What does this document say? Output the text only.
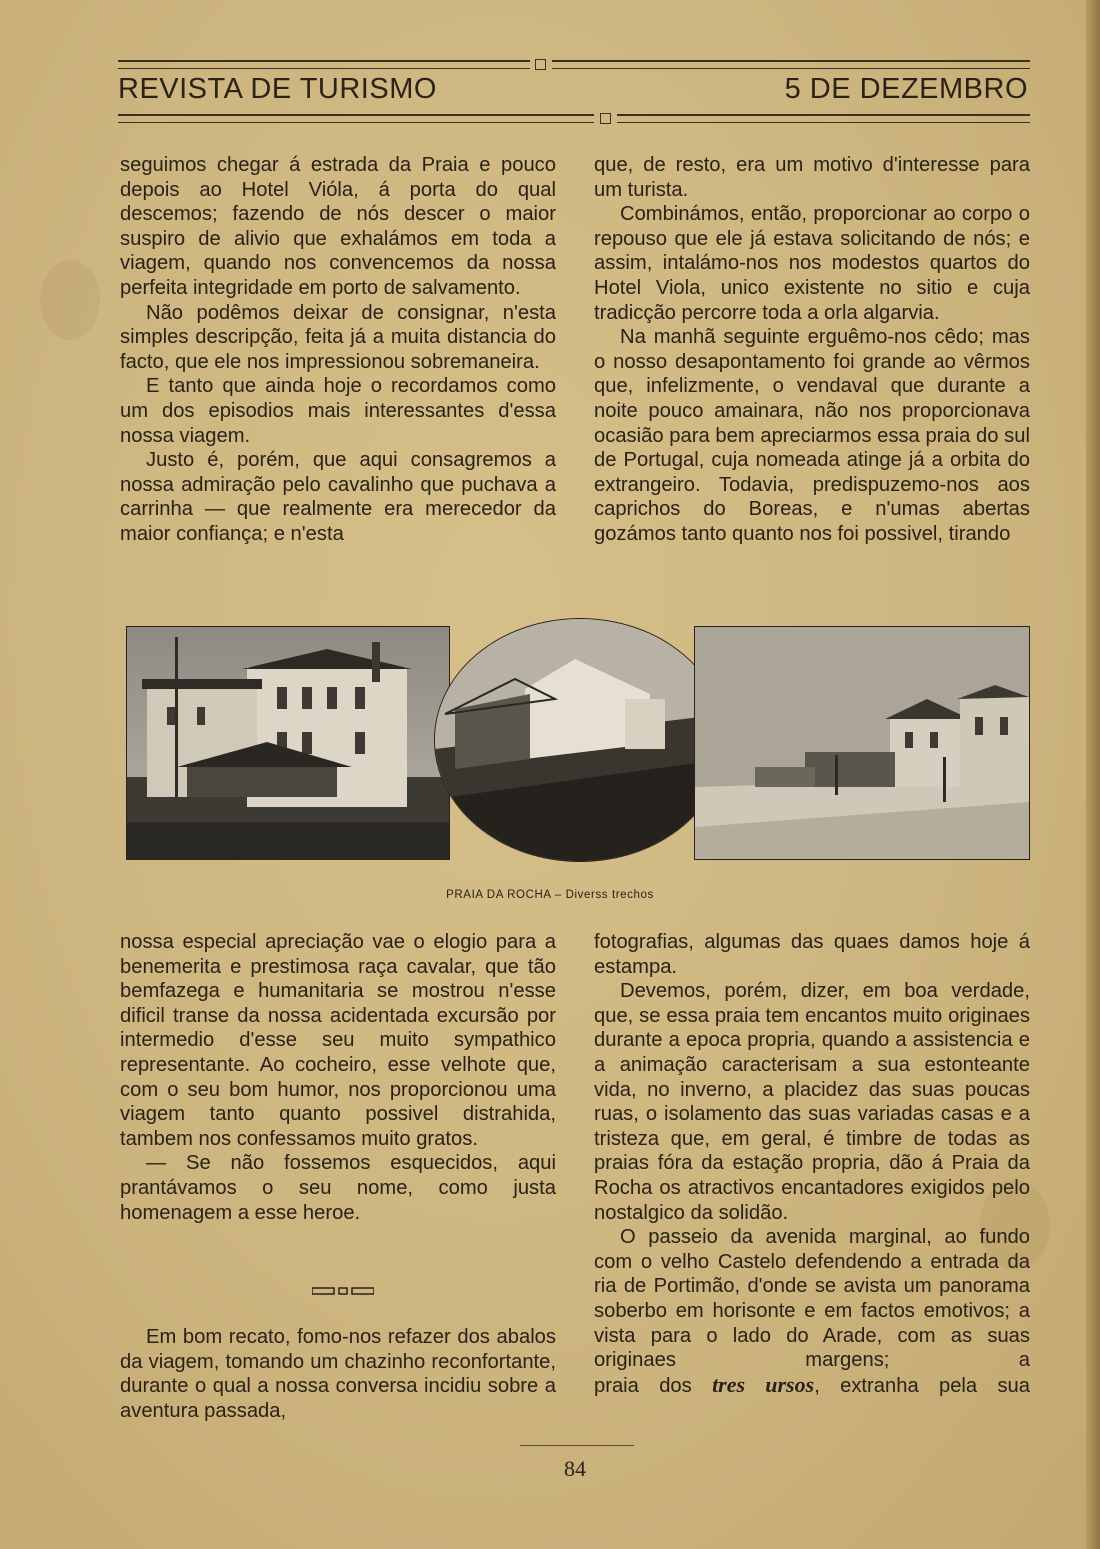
REVISTA DE TURISMO	5 DE DEZEMBRO

seguimos chegar á estrada da Praia e pouco depois ao Hotel Vióla, á porta do qual descemos; fazendo de nós descer o maior suspiro de alivio que exhalámos em toda a viagem, quando nos convencemos da nossa perfeita integridade em porto de salvamento.

Não podêmos deixar de consignar, n'esta simples descripção, feita já a muita distancia do facto, que ele nos impressionou sobremaneira.

E tanto que ainda hoje o recordamos como um dos episodios mais interessantes d'essa nossa viagem.

Justo é, porém, que aqui consagremos a nossa admiração pelo cavalinho que puchava a carrinha — que realmente era merecedor da maior confiança; e n'esta

que, de resto, era um motivo d'interesse para um turista.

Combinámos, então, proporcionar ao corpo o repouso que ele já estava solicitando de nós; e assim, intalámo-nos nos modestos quartos do Hotel Viola, unico existente no sitio e cuja tradicção percorre toda a orla algarvia.

Na manhã seguinte erguêmo-nos cêdo; mas o nosso desapontamento foi grande ao vêrmos que, infelizmente, o vendaval que durante a noite pouco amainara, não nos proporcionava ocasião para bem apreciarmos essa praia do sul de Portugal, cuja nomeada atinge já a orbita do extrangeiro. Todavia, predispuzemo-nos aos caprichos do Boreas, e n'umas abertas gozámos tanto quanto nos foi possivel, tirando

PRAIA DA ROCHA – Diverss trechos

nossa especial apreciação vae o elogio para a benemerita e prestimosa raça cavalar, que tão bemfazega e humanitaria se mostrou n'esse dificil transe da nossa acidentada excursão por intermedio d'esse seu muito sympathico representante. Ao cocheiro, esse velhote que, com o seu bom humor, nos proporcionou uma viagem tanto quanto possivel distrahida, tambem nos confessamos muito gratos.

— Se não fossemos esquecidos, aqui prantávamos o seu nome, como justa homenagem a esse heroe.

Em bom recato, fomo-nos refazer dos abalos da viagem, tomando um chazinho reconfortante, durante o qual a nossa conversa incidiu sobre a aventura passada,

fotografias, algumas das quaes damos hoje á estampa.

Devemos, porém, dizer, em boa verdade, que, se essa praia tem encantos muito originaes durante a epoca propria, quando a assistencia e a animação caracterisam a sua estonteante vida, no inverno, a placidez das suas poucas ruas, o isolamento das suas variadas casas e a tristeza que, em geral, é timbre de todas as praias fóra da estação propria, dão á Praia da Rocha os atractivos encantadores exigidos pelo nostalgico da solidão.

O passeio da avenida marginal, ao fundo com o velho Castelo defendendo a entrada da ria de Portimão, d'onde se avista um panorama soberbo em horisonte e em factos emotivos; a vista para o lado do Arade, com as suas originaes margens; a

praia dos tres ursos, extranha pela sua

84
